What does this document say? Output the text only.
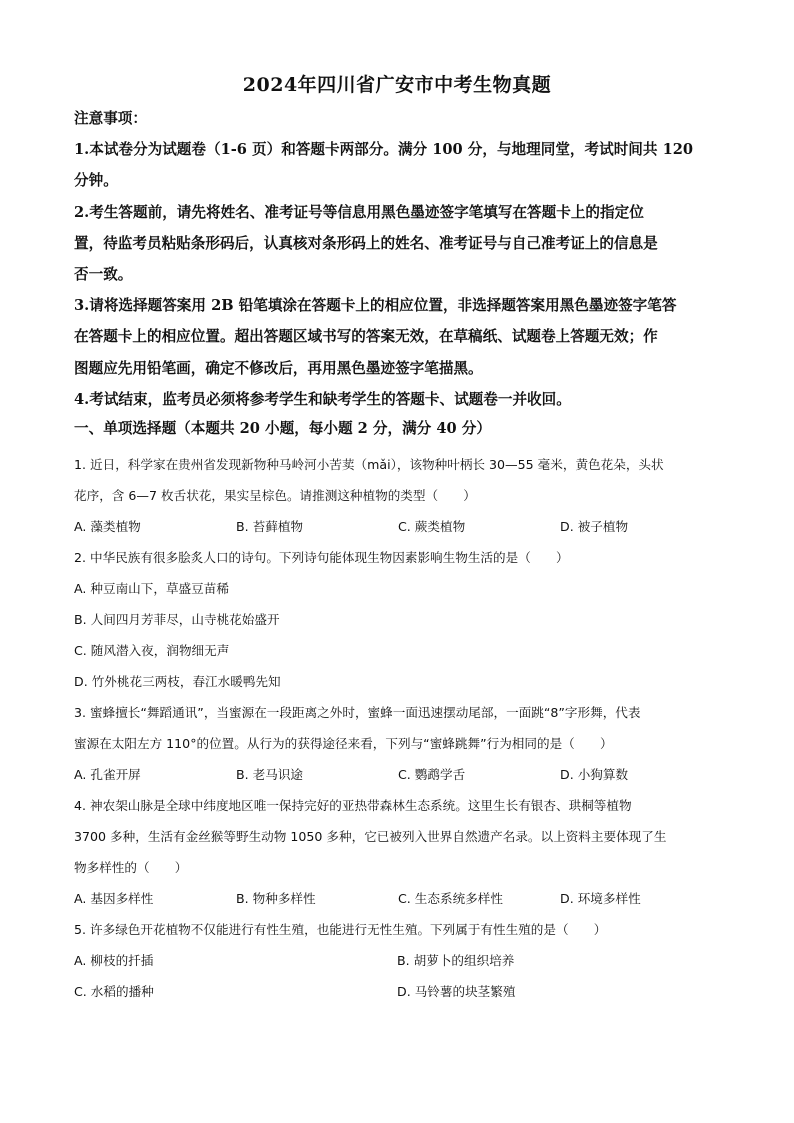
2024年四川省广安市中考生物真题

注意事项：

1.本试卷分为试题卷（1-6 页）和答题卡两部分。满分 100 分，与地理同堂，考试时间共 120

分钟。

2.考生答题前，请先将姓名、准考证号等信息用黑色墨迹签字笔填写在答题卡上的指定位

置，待监考员粘贴条形码后，认真核对条形码上的姓名、准考证号与自己准考证上的信息是

否一致。

3.请将选择题答案用 2B 铅笔填涂在答题卡上的相应位置，非选择题答案用黑色墨迹签字笔答

在答题卡上的相应位置。超出答题区域书写的答案无效，在草稿纸、试题卷上答题无效；作

图题应先用铅笔画，确定不修改后，再用黑色墨迹签字笔描黑。

4.考试结束，监考员必须将参考学生和缺考学生的答题卡、试题卷一并收回。

一、单项选择题（本题共 20 小题，每小题 2 分，满分 40 分）

1. 近日，科学家在贵州省发现新物种马岭河小苦荬（mǎi），该物种叶柄长 30—55 毫米，黄色花朵，头状

花序，含 6—7 枚舌状花，果实呈棕色。请推测这种植物的类型（　　）

A. 藻类植物	B. 苔藓植物	C. 蕨类植物	D. 被子植物

2. 中华民族有很多脍炙人口的诗句。下列诗句能体现生物因素影响生物生活的是（　　）

A. 种豆南山下，草盛豆苗稀

B. 人间四月芳菲尽，山寺桃花始盛开

C. 随风潜入夜，润物细无声

D. 竹外桃花三两枝，春江水暖鸭先知

3. 蜜蜂擅长“舞蹈通讯”，当蜜源在一段距离之外时，蜜蜂一面迅速摆动尾部，一面跳“8”字形舞，代表

蜜源在太阳左方 110°的位置。从行为的获得途径来看，下列与“蜜蜂跳舞”行为相同的是（　　）

A. 孔雀开屏	B. 老马识途	C. 鹦鹉学舌	D. 小狗算数

4. 神农架山脉是全球中纬度地区唯一保持完好的亚热带森林生态系统。这里生长有银杏、珙桐等植物

3700 多种，生活有金丝猴等野生动物 1050 多种，它已被列入世界自然遗产名录。以上资料主要体现了生

物多样性的（　　）

A. 基因多样性	B. 物种多样性	C. 生态系统多样性	D. 环境多样性

5. 许多绿色开花植物不仅能进行有性生殖，也能进行无性生殖。下列属于有性生殖的是（　　）

A. 柳枝的扦插	B. 胡萝卜的组织培养
C. 水稻的播种	D. 马铃薯的块茎繁殖
